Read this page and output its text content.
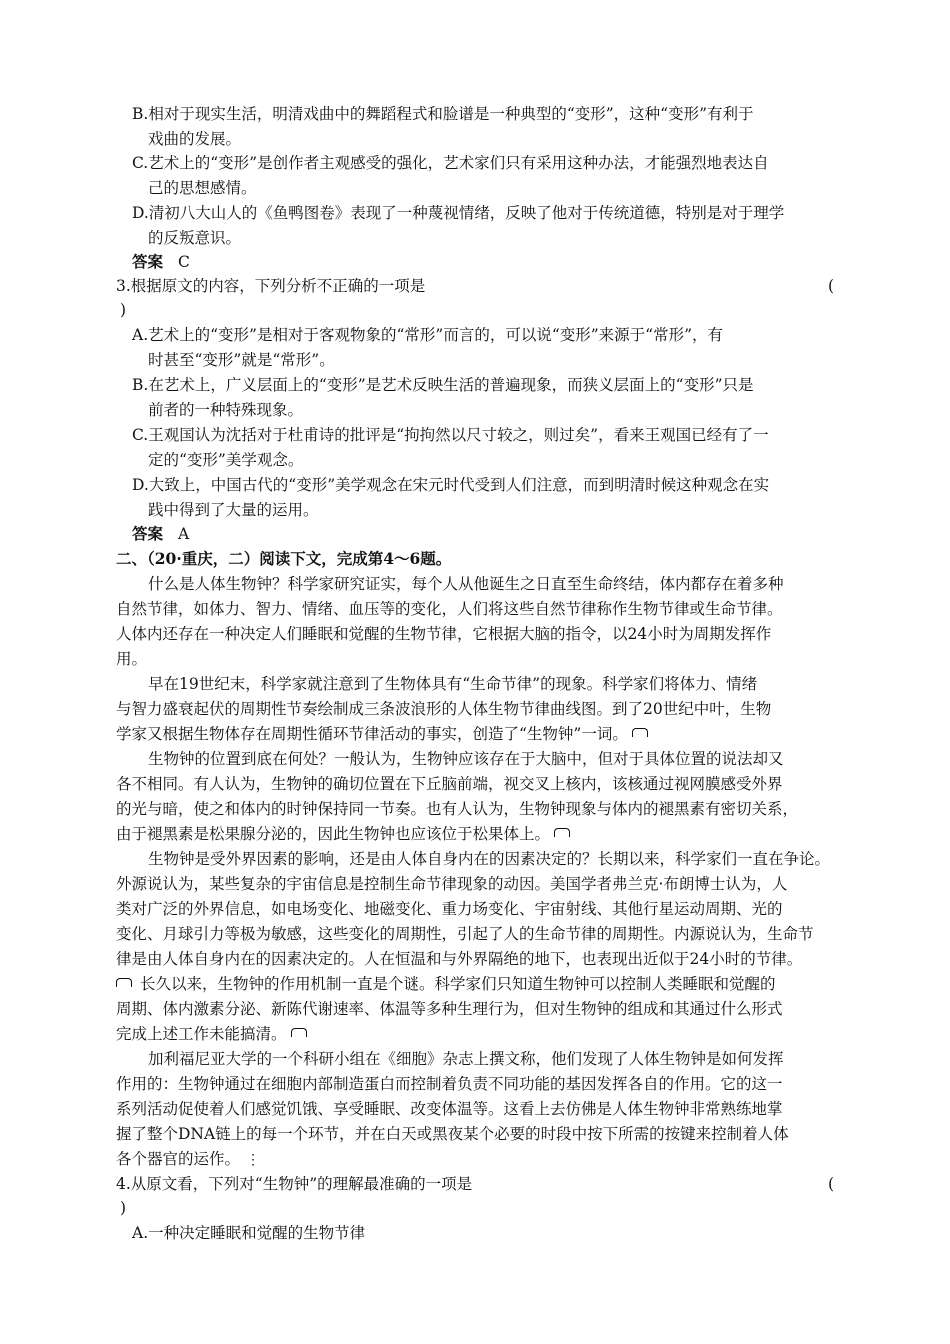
B.相对于现实生活，明清戏曲中的舞蹈程式和脸谱是一种典型的“变形”，这种“变形”有利于
戏曲的发展。
C.艺术上的“变形”是创作者主观感受的强化，艺术家们只有采用这种办法，才能强烈地表达自
己的思想感情。
D.清初八大山人的《鱼鸭图卷》表现了一种蔑视情绪，反映了他对于传统道德，特别是对于理学
的反叛意识。
答案 C
3.根据原文的内容，下列分析不正确的一项是	(
)
A.艺术上的“变形”是相对于客观物象的“常形”而言的，可以说“变形”来源于“常形”，有
时甚至“变形”就是“常形”。
B.在艺术上，广义层面上的“变形”是艺术反映生活的普遍现象，而狭义层面上的“变形”只是
前者的一种特殊现象。
C.王观国认为沈括对于杜甫诗的批评是“拘拘然以尺寸较之，则过矣”，看来王观国已经有了一
定的“变形”美学观念。
D.大致上，中国古代的“变形”美学观念在宋元时代受到人们注意，而到明清时候这种观念在实
践中得到了大量的运用。
答案 A
二、（20·重庆，二）阅读下文，完成第4～6题。
什么是人体生物钟？科学家研究证实，每个人从他诞生之日直至生命终结，体内都存在着多种
自然节律，如体力、智力、情绪、血压等的变化，人们将这些自然节律称作生物节律或生命节律。
人体内还存在一种决定人们睡眠和觉醒的生物节律，它根据大脑的指令，以24小时为周期发挥作
用。
早在19世纪末，科学家就注意到了生物体具有“生命节律”的现象。科学家们将体力、情绪
与智力盛衰起伏的周期性节奏绘制成三条波浪形的人体生物节律曲线图。到了20世纪中叶，生物
学家又根据生物体存在周期性循环节律活动的事实，创造了“生物钟”一词。
生物钟的位置到底在何处？一般认为，生物钟应该存在于大脑中，但对于具体位置的说法却又
各不相同。有人认为，生物钟的确切位置在下丘脑前端，视交叉上核内，该核通过视网膜感受外界
的光与暗，使之和体内的时钟保持同一节奏。也有人认为，生物钟现象与体内的褪黑素有密切关系，
由于褪黑素是松果腺分泌的，因此生物钟也应该位于松果体上。
生物钟是受外界因素的影响，还是由人体自身内在的因素决定的？长期以来，科学家们一直在争论。
外源说认为，某些复杂的宇宙信息是控制生命节律现象的动因。美国学者弗兰克·布朗博士认为，人
类对广泛的外界信息，如电场变化、地磁变化、重力场变化、宇宙射线、其他行星运动周期、光的
变化、月球引力等极为敏感，这些变化的周期性，引起了人的生命节律的周期性。内源说认为，生命节
律是由人体自身内在的因素决定的。人在恒温和与外界隔绝的地下，也表现出近似于24小时的节律。
长久以来，生物钟的作用机制一直是个谜。科学家们只知道生物钟可以控制人类睡眠和觉醒的
周期、体内激素分泌、新陈代谢速率、体温等多种生理行为，但对生物钟的组成和其通过什么形式
完成上述工作未能搞清。
加利福尼亚大学的一个科研小组在《细胞》杂志上撰文称，他们发现了人体生物钟是如何发挥
作用的：生物钟通过在细胞内部制造蛋白而控制着负责不同功能的基因发挥各自的作用。它的这一
系列活动促使着人们感觉饥饿、享受睡眠、改变体温等。这看上去仿佛是人体生物钟非常熟练地掌
握了整个DNA链上的每一个环节，并在白天或黑夜某个必要的时段中按下所需的按键来控制着人体
各个器官的运作。 ⋮
4.从原文看，下列对“生物钟”的理解最准确的一项是	(
)
A.一种决定睡眠和觉醒的生物节律
